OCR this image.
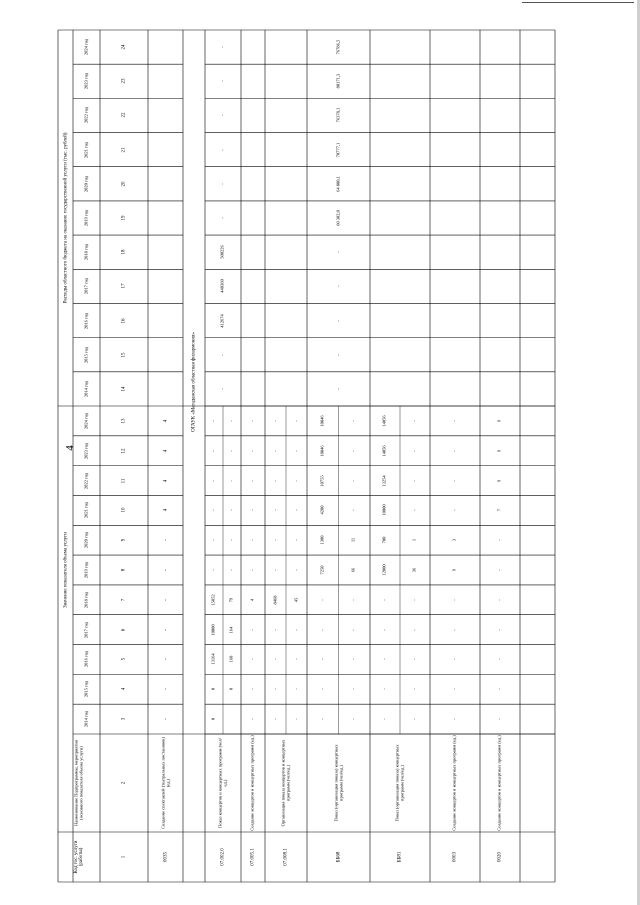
4
Значение показателя объема услуги
Расходы областного бюджета на оказание государственной услуги (тыс. рублей)
Код гос. услуги (работы)
Наименование Подпрограммы, мероприятия (основного показателя объема услуги)
2014 год
2015 год
2016 год
2017 год
2018 год
2019 год
2020 год
2021 год
2022 год
2023 год
2024 год
2014 год
2015 год
2016 год
2017 год
2018 год
2019 год
2020 год
2021 год
2022 год
2023 год
2024 год
1
2
3
4
5
6
7
8
9
10
11
12
13
14
15
16
17
18
19
20
21
22
23
24
0035
Создание спектаклей (театральных постановок) (ед.)
-
-
-
-
-
-
-
4
4
4
4	ОГАУК «Магаданская областная филармония»
07.002.0
Показ концертов и концертных программ (чел/ед.)
0
0
13164
10000
15852
-
-
-
-
-
-
0
168
164
79
-
-
-
-
-
-
-
-
412674
440360
500226
-
-
-
-
-
-
07.005.1
Создание концертов и концертных программ (ед.)
-
-
-
-
4
-
-
-
-
-
-
07.008.1
Организация показа концертов и концертных программ (чел/ед.)
-
-
-
-
8468
-
-
-
-
-
-
-
-
-
-
45
-
-
-
-
-
-
ББ68
Показ (организация показа) концертных программ (чел/ед.)
-
-
-
-
-
7250
1300
4200
10755
10846
10846
-
-
-
-
-
66
11
-
-
-
-
-
-
-
-
-
60 382,0
64 880,1
70777,1
76378,1
80171,3
76786,5
ББ81
Показ (организация показа) концертных программ (чел/ед.)
-
-
-
-
-
12000
700
10000
13254
14056
14056
-
-
-
-
-
36
1
-
-
-
-
0003
Создание концертов и концертных программ (ед.)
-
-
-
-
-
9
3
-
-
-
-
0020
Создание концертов и концертных программ (ед.)
-
-
-
-
-
-
-
7
9
9
9
